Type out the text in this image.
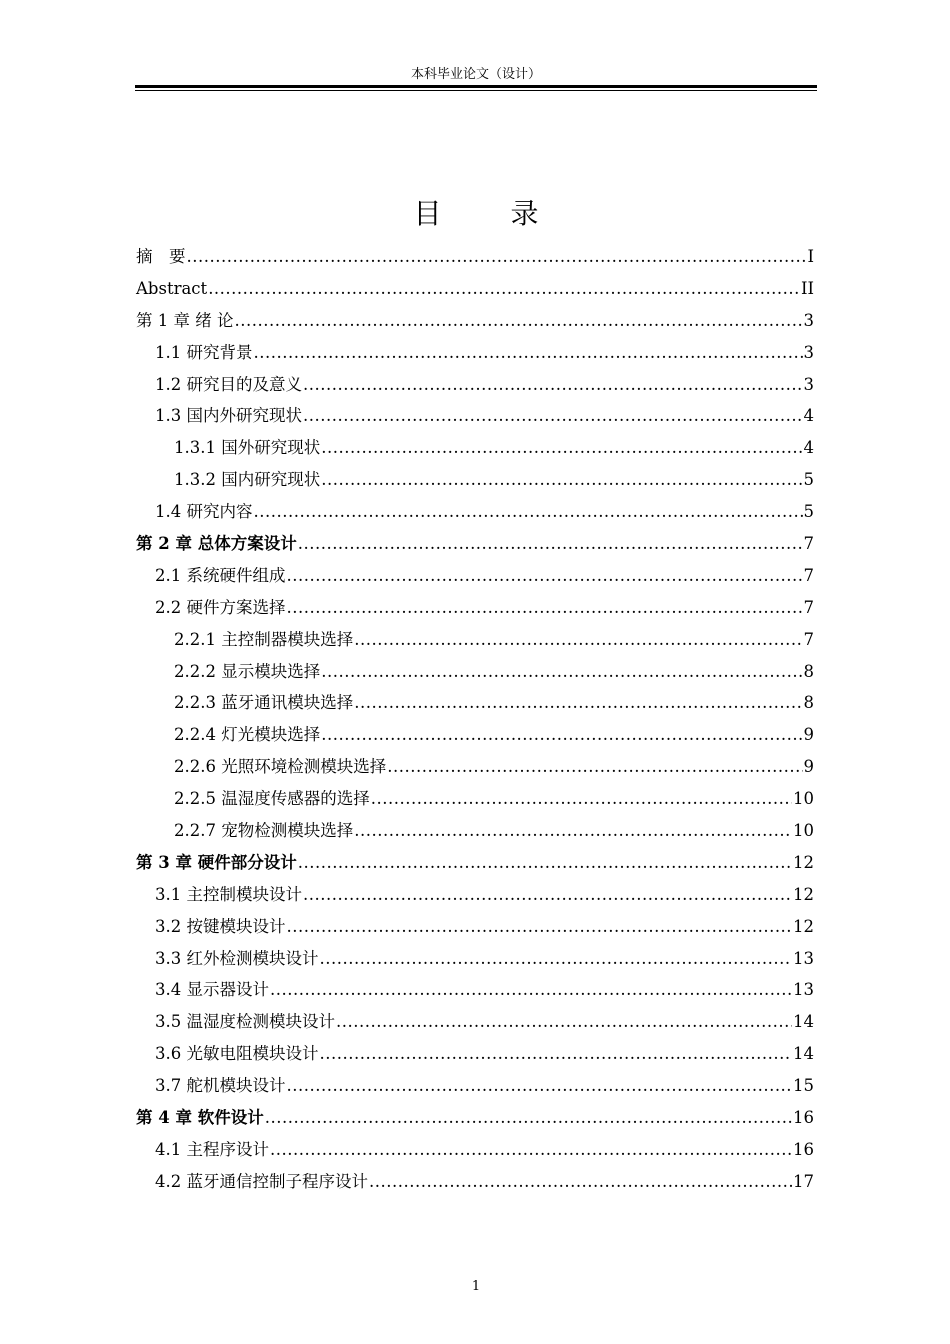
本科毕业论文（设计）
目 录
摘　要 .....	I
Abstract .....	II
第 1 章 绪 论 .....	3
1.1 研究背景 .....	3
1.2 研究目的及意义 .....	3
1.3 国内外研究现状 .....	4
1.3.1 国外研究现状 .....	4
1.3.2 国内研究现状 .....	5
1.4 研究内容 .....	5
第 2 章 总体方案设计 .....	7
2.1 系统硬件组成 .....	7
2.2 硬件方案选择 .....	7
2.2.1 主控制器模块选择 .....	7
2.2.2 显示模块选择 .....	8
2.2.3 蓝牙通讯模块选择 .....	8
2.2.4 灯光模块选择 .....	9
2.2.6 光照环境检测模块选择 .....	9
2.2.5 温湿度传感器的选择 .....	10
2.2.7 宠物检测模块选择 .....	10
第 3 章 硬件部分设计 .....	12
3.1 主控制模块设计 .....	12
3.2 按键模块设计 .....	12
3.3 红外检测模块设计 .....	13
3.4 显示器设计 .....	13
3.5 温湿度检测模块设计 .....	14
3.6 光敏电阻模块设计 .....	14
3.7 舵机模块设计 .....	15
第 4 章 软件设计 .....	16
4.1 主程序设计 .....	16
4.2 蓝牙通信控制子程序设计 .....	17
1
